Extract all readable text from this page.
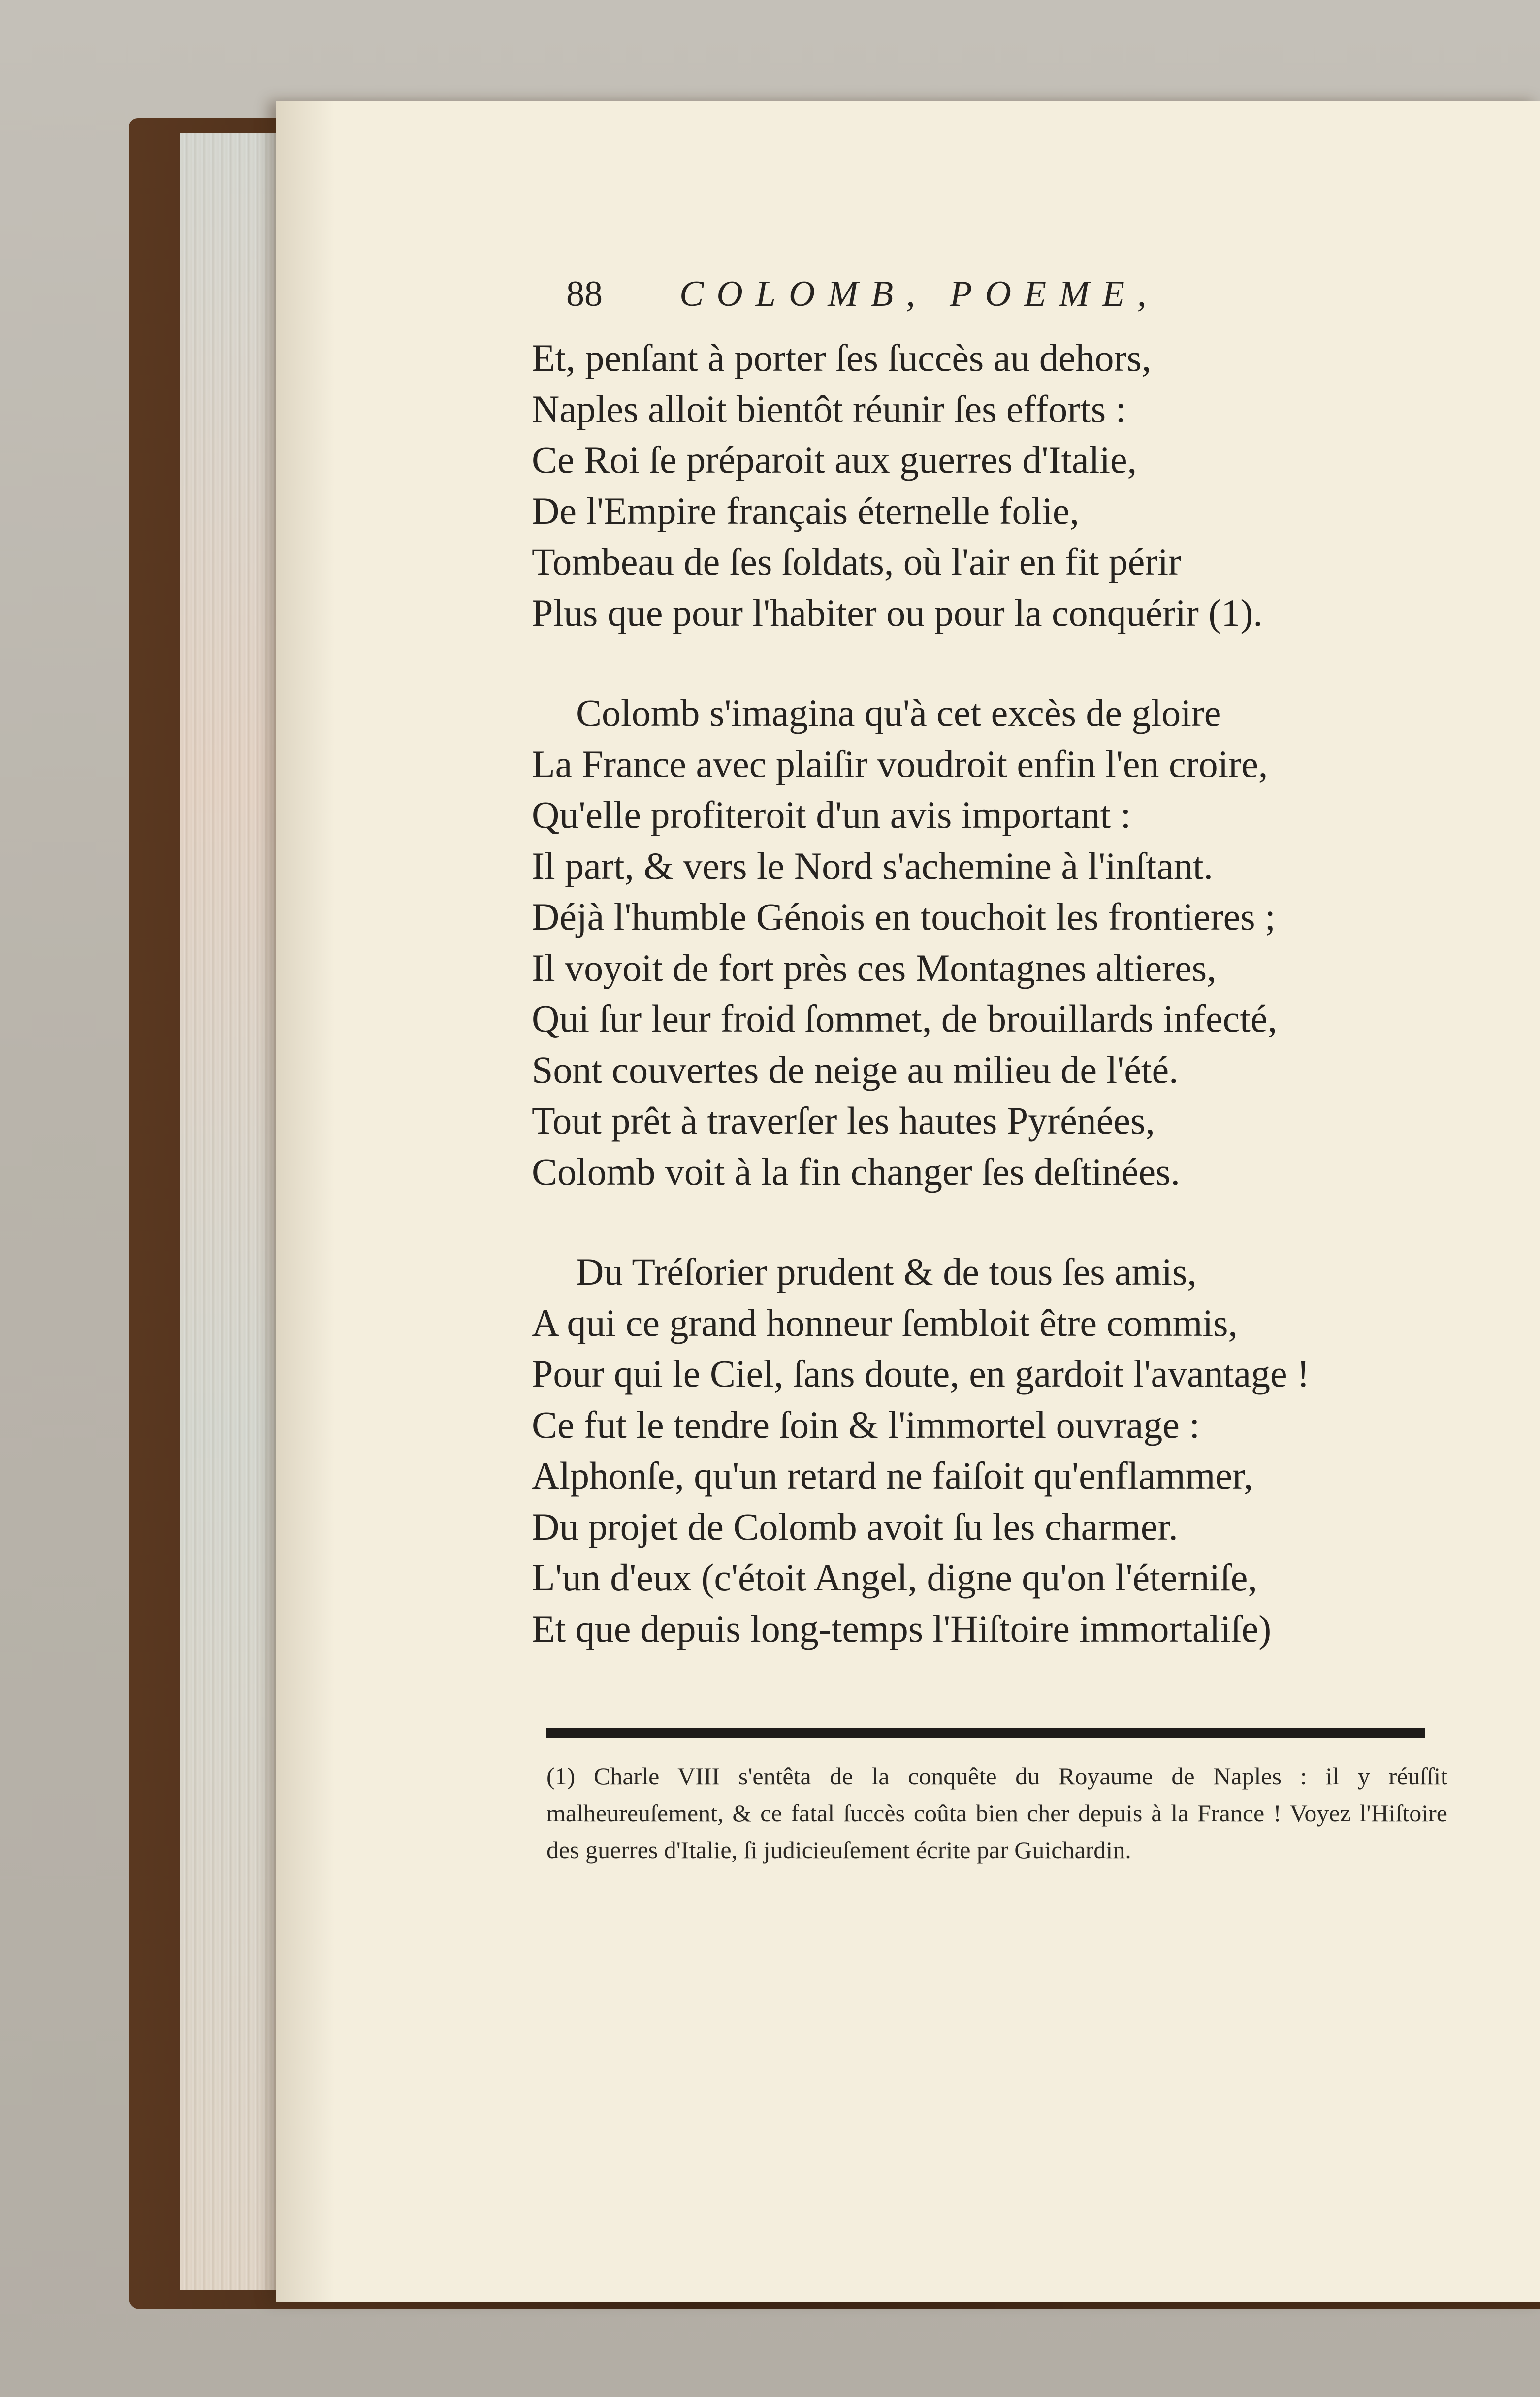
88	COLOMB, POEME,
Et, penſant à porter ſes ſuccès au dehors,
Naples alloit bientôt réunir ſes efforts :
Ce Roi ſe préparoit aux guerres d'Italie,
De l'Empire français éternelle folie,
Tombeau de ſes ſoldats, où l'air en fit périr
Plus que pour l'habiter ou pour la conquérir (1).
Colomb s'imagina qu'à cet excès de gloire
La France avec plaiſir voudroit enfin l'en croire,
Qu'elle profiteroit d'un avis important :
Il part, & vers le Nord s'achemine à l'inſtant.
Déjà l'humble Génois en touchoit les frontieres ;
Il voyoit de fort près ces Montagnes altieres,
Qui ſur leur froid ſommet, de brouillards infecté,
Sont couvertes de neige au milieu de l'été.
Tout prêt à traverſer les hautes Pyrénées,
Colomb voit à la fin changer ſes deſtinées.
Du Tréſorier prudent & de tous ſes amis,
A qui ce grand honneur ſembloit être commis,
Pour qui le Ciel, ſans doute, en gardoit l'avantage !
Ce fut le tendre ſoin & l'immortel ouvrage :
Alphonſe, qu'un retard ne faiſoit qu'enflammer,
Du projet de Colomb avoit ſu les charmer.
L'un d'eux (c'étoit Angel, digne qu'on l'éterniſe,
Et que depuis long-temps l'Hiſtoire immortaliſe)
(1) Charle VIII s'entêta de la conquête du Royaume de Naples : il y réuſſit malheureuſement, & ce fatal ſuccès coûta bien cher depuis à la France ! Voyez l'Hiſtoire des guerres d'Italie, ſi judicieuſement écrite par Guichardin.
